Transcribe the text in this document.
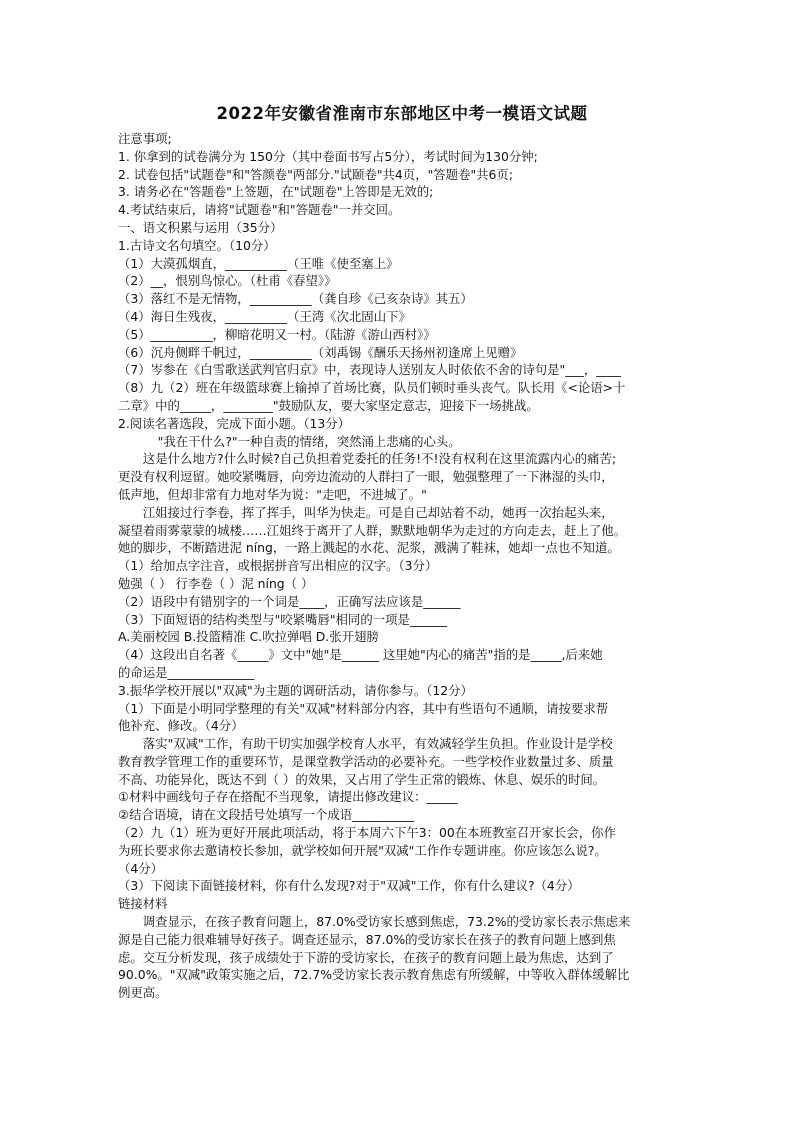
2022年安徽省淮南市东部地区中考一模语文试题

注意事项;

1. 你拿到的试卷满分为 150分（其中卷面书写占5分），考试时间为130分钟;

2. 试卷包括"试题卷"和"答颜卷"两部分."试颐卷"共4页，"答题卷"共6页;

3. 请务必在"答题卷"上签题，在"试题卷"上答即是无效的;

4.考试结束后，请将"试题卷"和"答题卷"一并交回。

一、语文积累与运用（35分）

1.古诗文名句填空。（10分）

（1）大漠孤烟直，__________（王唯《使至塞上》

（2）__，恨别鸟惊心。（杜甫《春望》》

（3）落红不是无情物，__________（龚自珍《己亥杂诗》其五）

（4）海日生残夜，__________（王湾《次北固山下》

（5）__________，柳暗花明又一村。（陆游《游山西村》》

（6）沉舟侧畔千帆过，__________（刘禹锡《酬乐天扬州初逢席上见赠》

（7）岑参在《白雪歌送武判官归京》中，表现诗人送别友人时依依不舍的诗句是"___，____

（8）九（2）班在年级篮球赛上输掉了首场比赛，队员们顿时垂头丧气。队长用《<论语>十

二章》中的_____，________"鼓励队友，要大家坚定意志，迎接下一场挑战。

2.阅读名著选段，完成下面小题。（13分）

"我在干什么?"一种自责的情绪，突然涌上悲痛的心头。

这是什么地方?什么时候?自己负担着党委托的任务!不!没有权利在这里流露内心的痛苦;

更没有权利逗留。她咬紧嘴唇，向旁边流动的人群扫了一眼，勉强整理了一下淋湿的头巾，

低声地，但却非常有力地对华为说："走吧，不进城了。"

江姐接过行李卷，挥了挥手，叫华为快走。可是自己却站着不动，她再一次抬起头来，

凝望着雨雾蒙蒙的城楼……江姐终于离开了人群，默默地朝华为走过的方向走去，赶上了他。

她的脚步，不断踏进泥 níng，一路上溅起的水花、泥浆，溅满了鞋袜，她却一点也不知道。

（1）给加点字注音，或根据拼音写出相应的汉字。（3分）

勉强（ ） 行李卷（ ）泥 níng（ ）

（2）语段中有错别字的一个词是____，正确写法应该是______

（3）下面短语的结构类型与"咬紧嘴唇"相同的一项是______

A.美丽校园 B.投篮精准 C.吹拉弹唱 D.张开翅膀

（4）这段出自名著《_____》文中"她"是______ 这里她"内心的痛苦"指的是_____,后来她

的命运是______________

3.振华学校开展以"双减"为主题的调研活动，请你参与。（12分）

（1）下面是小明同学整理的有关"双减"材料部分内容，其中有些语句不通顺，请按要求帮

他补充、修改。（4分）

落实"双减"工作，有助干切实加强学校育人水平，有效减轻学生负担。作业设计是学校

教育教学管理工作的重要环节，是课堂教学活动的必要补充。一些学校作业数量过多、质量

不高、功能异化，既达不到（ ）的效果，又占用了学生正常的锻炼、休息、娱乐的时间。

①材料中画线句子存在搭配不当现象，请提出修改建议：_____

②结合语境，请在文段括号处填写一个成语__________

（2）九（1）班为更好开展此项活动，将于本周六下午3：00在本班教室召开家长会，你作

为班长要求你去邀请校长参加，就学校如何开展"双减"工作作专题讲座。你应该怎么说?。

（4分）

（3）下阅读下面链接材料，你有什么发现?对于"双减"工作，你有什么建议?（4分）

链接材料

调查显示，在孩子教育问题上，87.0%受访家长感到焦虑，73.2%的受访家长表示焦虑来

源是自己能力很难辅导好孩子。调查还显示，87.0%的受访家长在孩子的教育问题上感到焦

虑。交互分析发现，孩子成绩处于下游的受访家长，在孩子的教育问题上最为焦虑，达到了

90.0%。"双减"政策实施之后，72.7%受访家长表示教育焦虑有所缓解，中等收入群体缓解比

例更高。
